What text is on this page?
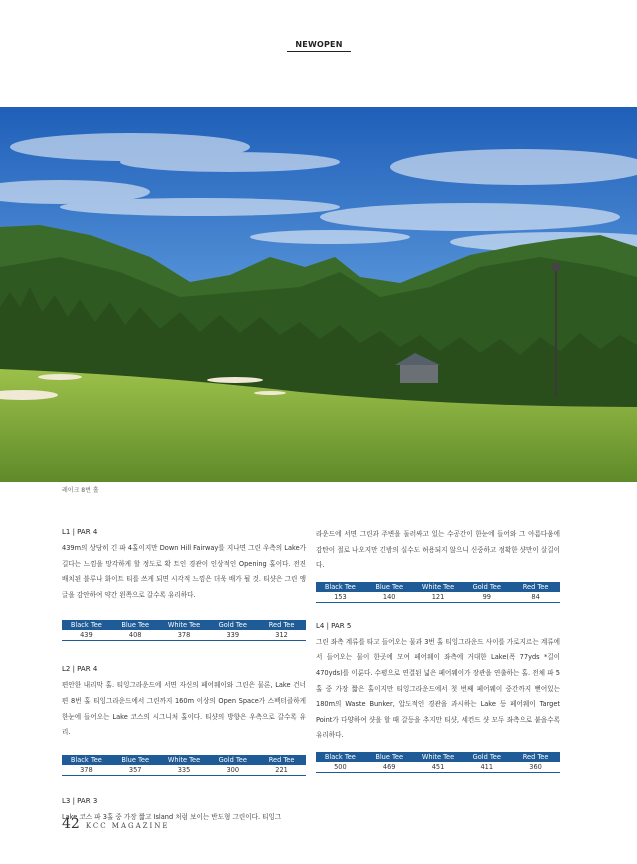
NEWOPEN
레이크 8번 홀
L1 | PAR 4

439m의 상당히 긴 파 4홀이지만 Down Hill Fairway를 지나면 그린 우측의 Lake가 길다는 느낌을 망각하게 할 정도로 확 트인 경관이 인상적인 Opening 홀이다. 전진 배치된 블루나 화이트 티를 쓰게 되면 시각적 느낌은 더욱 배가 될 것. 티샷은 그린 앵글을 감안하여 약간 왼쪽으로 갈수록 유리하다.

Black Tee	Blue Tee	White Tee	Gold Tee	Red Tee
439	408	378	339	312
L2 | PAR 4

편안한 내리막 홀. 티잉그라운드에 서면 자신의 페어웨이와 그린은 물론, Lake 건너편 8번 홀 티잉그라운드에서 그린까지 160m 이상의 Open Space가 스펙터클하게 한눈에 들어오는 Lake 코스의 시그니처 홀이다. 티샷의 방향은 우측으로 갈수록 유리.

Black Tee	Blue Tee	White Tee	Gold Tee	Red Tee
378	357	335	300	221
L3 | PAR 3

Lake 코스 파 3홀 중 가장 짧고 Island 처럼 보이는 반도형 그린이다. 티잉그

라운드에 서면 그린과 주변을 둘러싸고 있는 수공간이 한눈에 들어와 그 아름다움에 감탄이 절로 나오지만 긴밤의 실수도 허용되지 않으니 신중하고 정확한 샷만이 살길이다.

Black Tee	Blue Tee	White Tee	Gold Tee	Red Tee
153	140	121	99	84
L4 | PAR 5

그린 좌측 계류를 타고 들어오는 물과 3번 홀 티잉그라운드 사이를 가로지르는 계류에서 들어오는 물이 한곳에 모여 페어웨이 좌측에 거대한 Lake(폭 77yds *길이 470yds)를 이룬다. 수평으로 연결된 넓은 페어웨이가 장관을 연출하는 홀. 전체 파 5홀 중 가장 짧은 홀이지만 티잉그라운드에서 첫 번째 페어웨이 중간까지 뻗어있는 180m의 Waste Bunker, 압도적인 경관을 과시하는 Lake 등 페어웨이 Target Point가 다양하여 샷을 할 때 갈등을 추지만 티샷, 세컨드 샷 모두 좌측으로 붙을수록 유리하다.

Black Tee	Blue Tee	White Tee	Gold Tee	Red Tee
500	469	451	411	360
42 KCC MAGAZINE
